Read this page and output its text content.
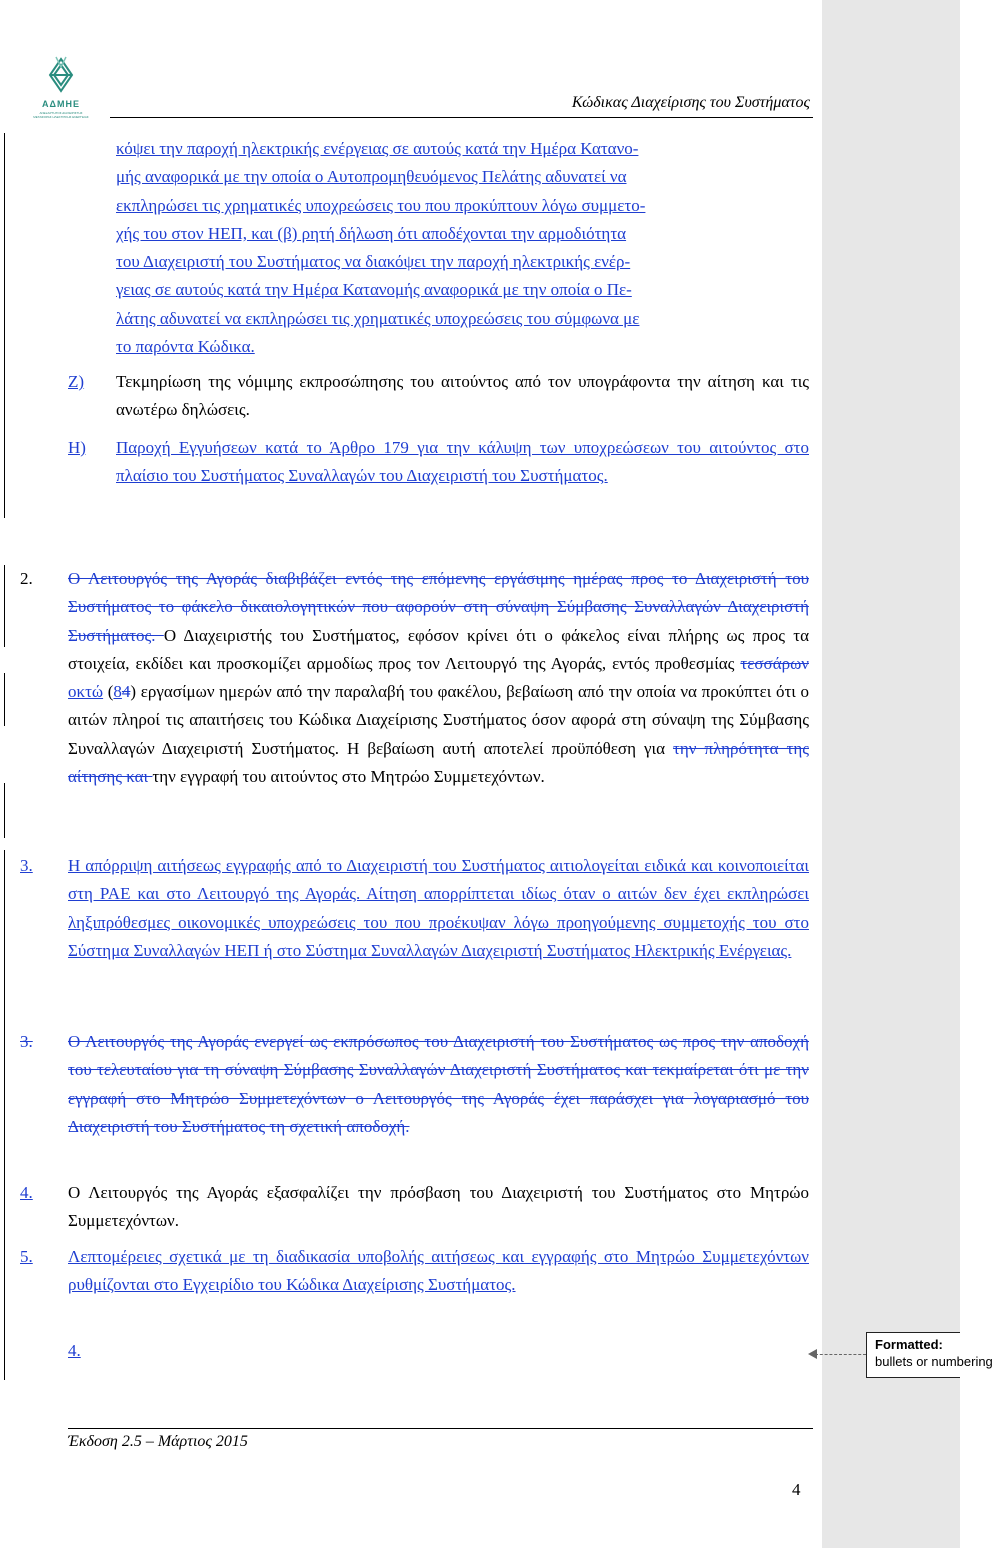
ΑΔΜΗΕ
ΑΝΕΞΑΡΤΗΤΟΣ ΔΙΑΧΕΙΡΙΣΤΗΣ ΜΕΤΑΦΟΡΑΣ ΗΛΕΚΤΡΙΚΗΣ ΕΝΕΡΓΕΙΑΣ
Κώδικας Διαχείρισης του Συστήματος
κόψει την παροχή ηλεκτρικής ενέργειας σε αυτούς κατά την Ημέρα Κατανο-
μής αναφορικά με την οποία ο Αυτοπρομηθευόμενος Πελάτης αδυνατεί να
εκπληρώσει τις χρηματικές υποχρεώσεις του που προκύπτουν λόγω συμμετο-
χής του στον ΗΕΠ, και (β) ρητή δήλωση ότι αποδέχονται την αρμοδιότητα
του Διαχειριστή του Συστήματος να διακόψει την παροχή ηλεκτρικής ενέρ-
γειας σε αυτούς κατά την Ημέρα Κατανομής αναφορικά με την οποία ο Πε-
λάτης αδυνατεί να εκπληρώσει τις χρηματικές υποχρεώσεις του σύμφωνα με
το παρόντα Κώδικα.
Ζ) Τεκμηρίωση της νόμιμης εκπροσώπησης του αιτούντος από τον υπογράφοντα την αίτηση και τις ανωτέρω δηλώσεις.
Η) Παροχή Εγγυήσεων κατά το Άρθρο 179 για την κάλυψη των υποχρεώσεων του αιτούντος στο πλαίσιο του Συστήματος Συναλλαγών του Διαχειριστή του Συστήματος.
2. Ο Λειτουργός της Αγοράς διαβιβάζει εντός της επόμενης εργάσιμης ημέρας προς το Διαχειριστή του Συστήματος το φάκελο δικαιολογητικών που αφορούν στη σύναψη Σύμβασης Συναλλαγών Διαχειριστή Συστήματος. Ο Διαχειριστής του Συστήματος, εφόσον κρίνει ότι ο φάκελος είναι πλήρης ως προς τα στοιχεία, εκδίδει και προσκομίζει αρμοδίως προς τον Λειτουργό της Αγοράς, εντός προθεσμίας τεσσάρων οκτώ (84) εργασίμων ημερών από την παραλαβή του φακέλου, βεβαίωση από την οποία να προκύπτει ότι ο αιτών πληροί τις απαιτήσεις του Κώδικα Διαχείρισης Συστήματος όσον αφορά στη σύναψη της Σύμβασης Συναλλαγών Διαχειριστή Συστήματος. Η βεβαίωση αυτή αποτελεί προϋπόθεση για την πληρότητα της αίτησης και την εγγραφή του αιτούντος στο Μητρώο Συμμετεχόντων.
3. Η απόρριψη αιτήσεως εγγραφής από το Διαχειριστή του Συστήματος αιτιολογείται ειδικά και κοινοποιείται στη ΡΑΕ και στο Λειτουργό της Αγοράς. Αίτηση απορρίπτεται ιδίως όταν ο αιτών δεν έχει εκπληρώσει ληξιπρόθεσμες οικονομικές υποχρεώσεις του που προέκυψαν λόγω προηγούμενης συμμετοχής του στο Σύστημα Συναλλαγών ΗΕΠ ή στο Σύστημα Συναλλαγών Διαχειριστή Συστήματος Ηλεκτρικής Ενέργειας.
3. Ο Λειτουργός της Αγοράς ενεργεί ως εκπρόσωπος του Διαχειριστή του Συστήματος ως προς την αποδοχή του τελευταίου για τη σύναψη Σύμβασης Συναλλαγών Διαχειριστή Συστήματος και τεκμαίρεται ότι με την εγγραφή στο Μητρώο Συμμετεχόντων ο Λειτουργός της Αγοράς έχει παράσχει για λογαριασμό του Διαχειριστή του Συστήματος τη σχετική αποδοχή.
4.	Ο Λειτουργός της Αγοράς εξασφαλίζει την πρόσβαση του Διαχειριστή του Συστήματος στο Μητρώο Συμμετεχόντων.
5. Λεπτομέρειες σχετικά με τη διαδικασία υποβολής αιτήσεως και εγγραφής στο Μητρώο Συμμετεχόντων ρυθμίζονται στο Εγχειρίδιο του Κώδικα Διαχείρισης Συστήματος.
4.
Έκδοση 2.5 – Μάρτιος 2015
4
Formatted:
bullets or numbering
